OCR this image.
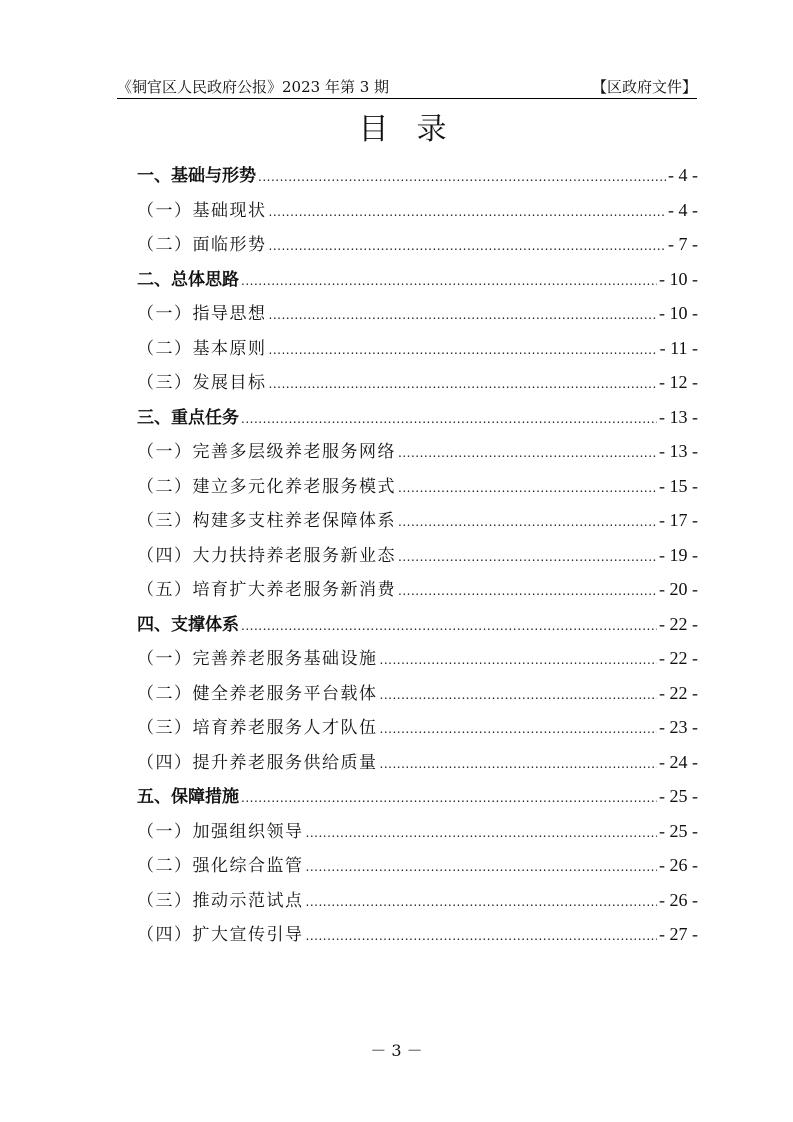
《铜官区人民政府公报》2023 年第 3 期	【区政府文件】
目录
一、基础与形势 .....	- 4 -
（一）基础现状 .....	- 4 -
（二）面临形势 .....	- 7 -
二、总体思路 .....	- 10 -
（一）指导思想 .....	- 10 -
（二）基本原则 .....	- 11 -
（三）发展目标 .....	- 12 -
三、重点任务 .....	- 13 -
（一）完善多层级养老服务网络 .....	- 13 -
（二）建立多元化养老服务模式 .....	- 15 -
（三）构建多支柱养老保障体系 .....	- 17 -
（四）大力扶持养老服务新业态 .....	- 19 -
（五）培育扩大养老服务新消费 .....	- 20 -
四、支撑体系 .....	- 22 -
（一）完善养老服务基础设施 .....	- 22 -
（二）健全养老服务平台载体 .....	- 22 -
（三）培育养老服务人才队伍 .....	- 23 -
（四）提升养老服务供给质量 .....	- 24 -
五、保障措施 .....	- 25 -
（一）加强组织领导 .....	- 25 -
（二）强化综合监管 .....	- 26 -
（三）推动示范试点 .....	- 26 -
（四）扩大宣传引导 .....	- 27 -
－ 3 －
